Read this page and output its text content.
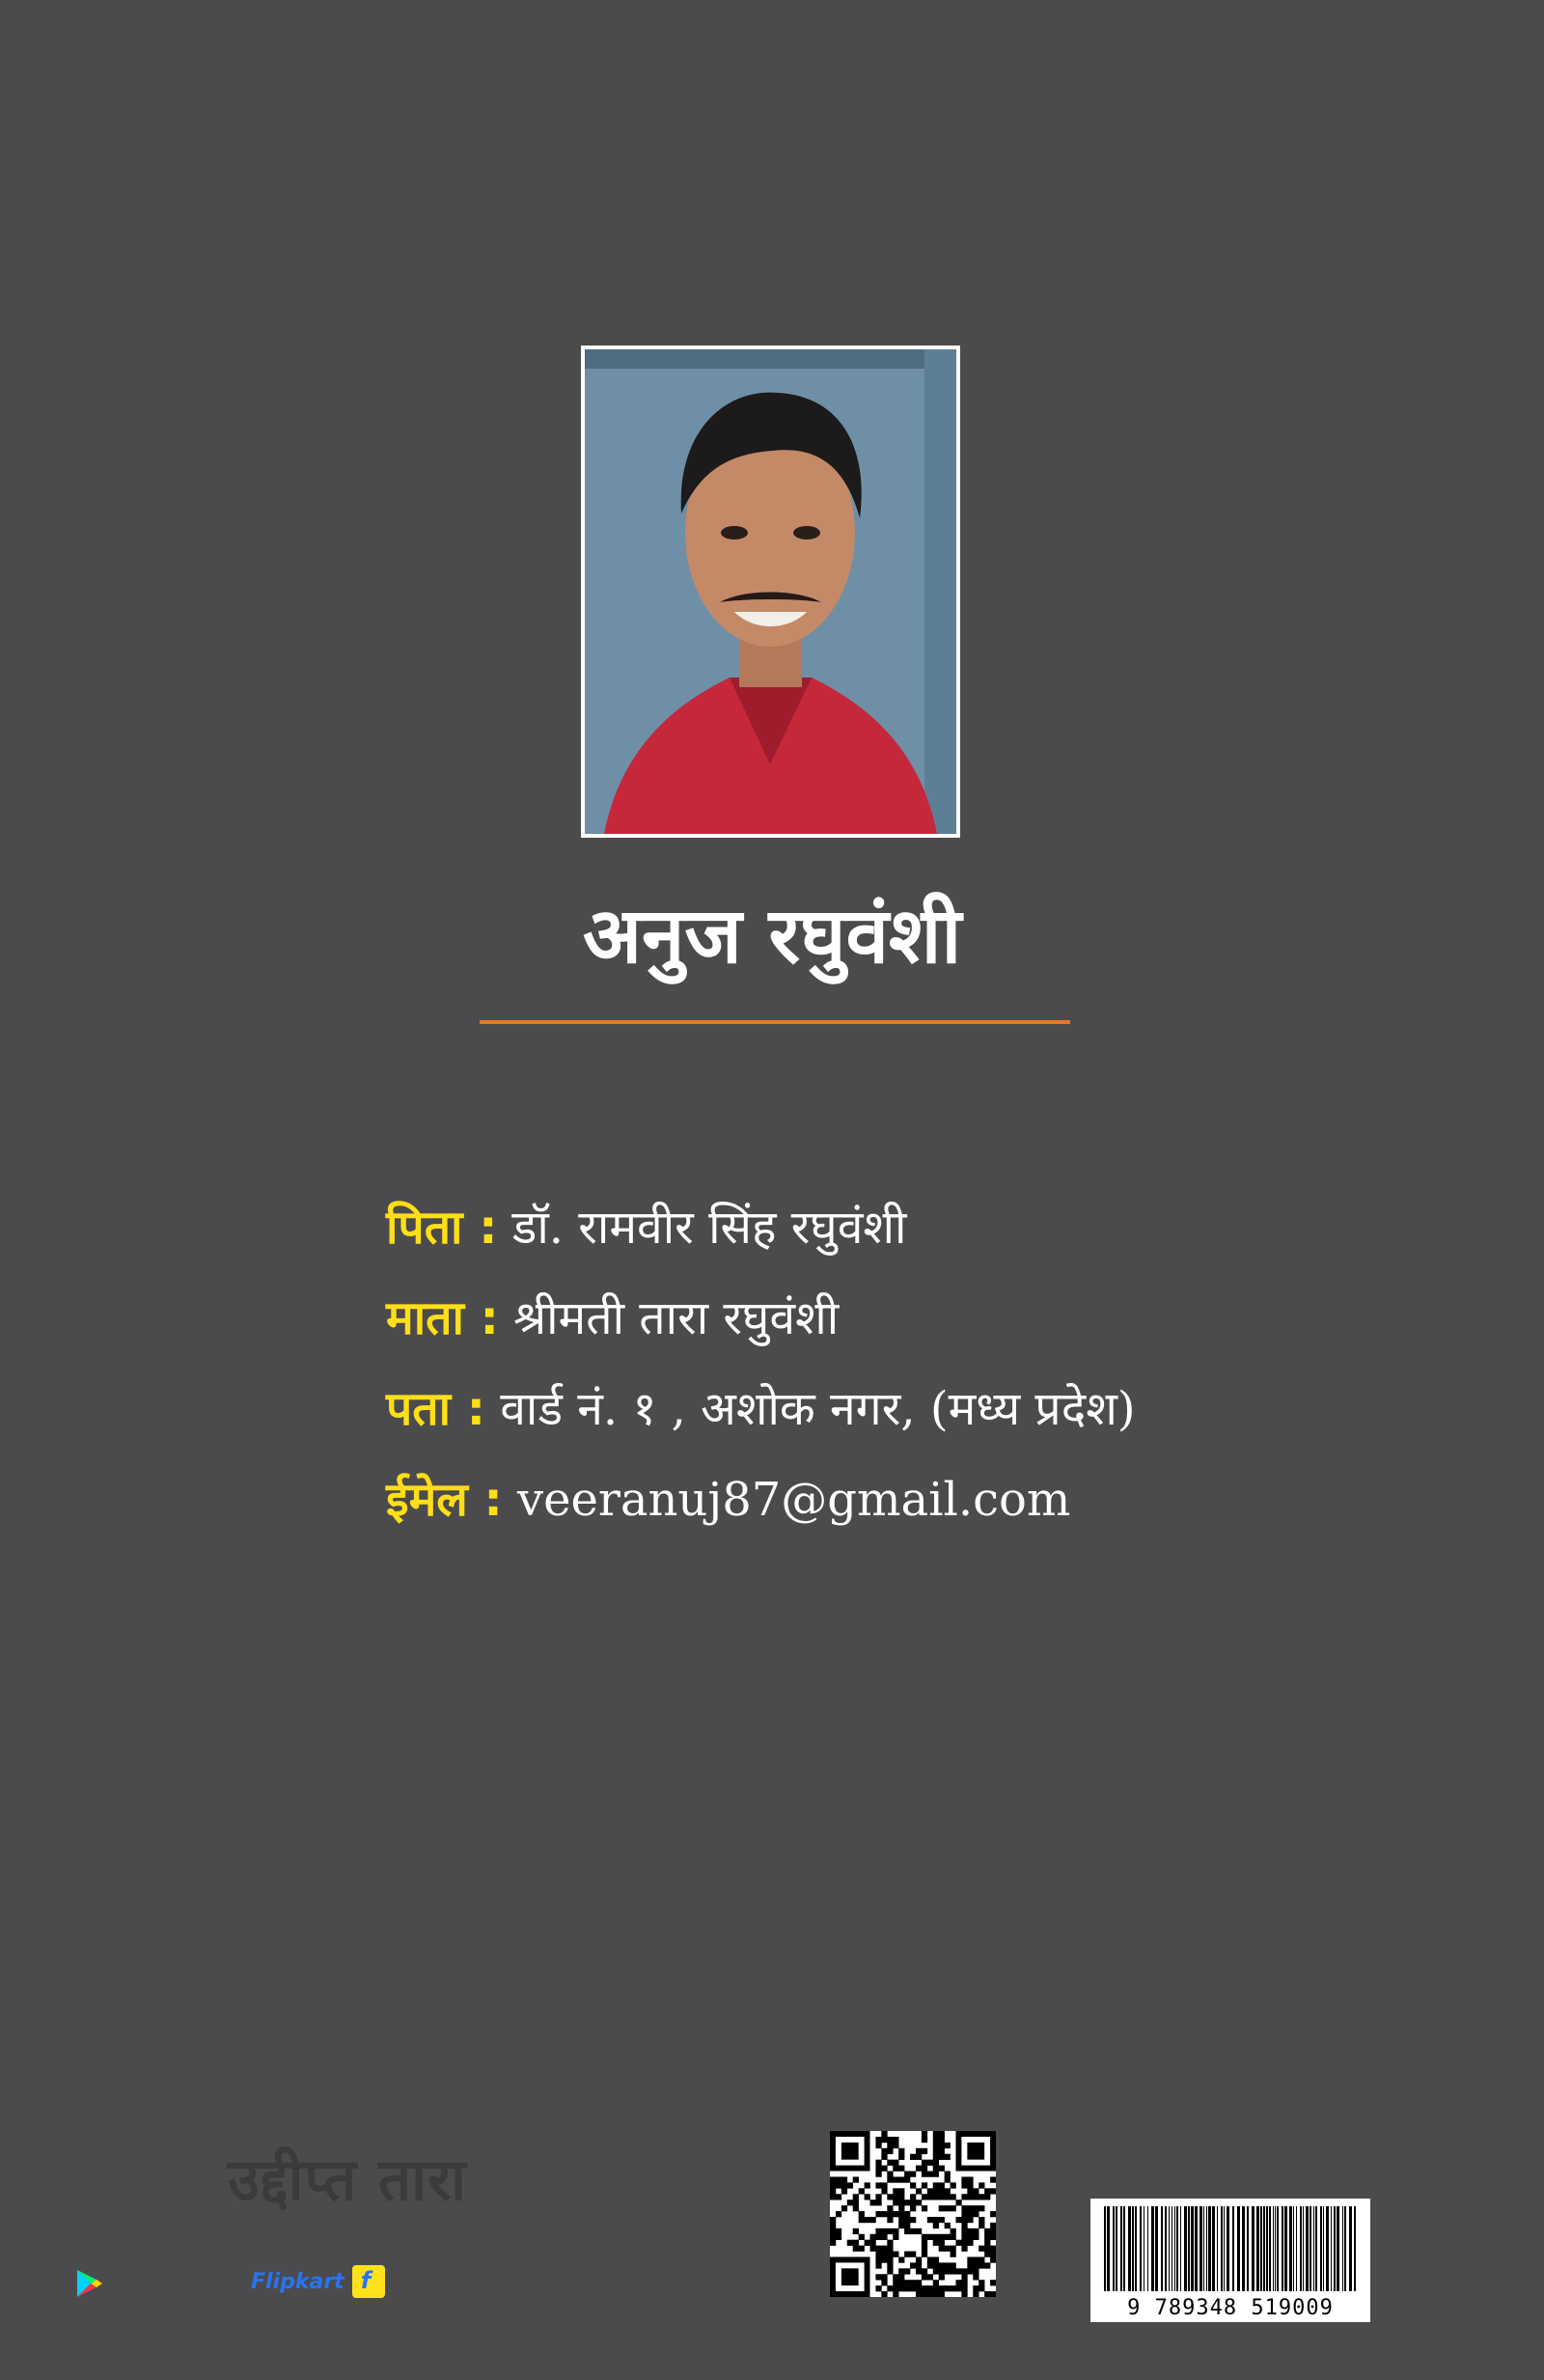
अनुज रघुवंशी
पिता : डॉ. रामवीर सिंह रघुवंशी
माता : श्रीमती तारा रघुवंशी
पता : वार्ड नं. १ , अशोक नगर, (मध्य प्रदेश)
ईमेल : veeranuj87@gmail.com
उद्दीप्त तारा
9 789348 519009
Flipkart f
